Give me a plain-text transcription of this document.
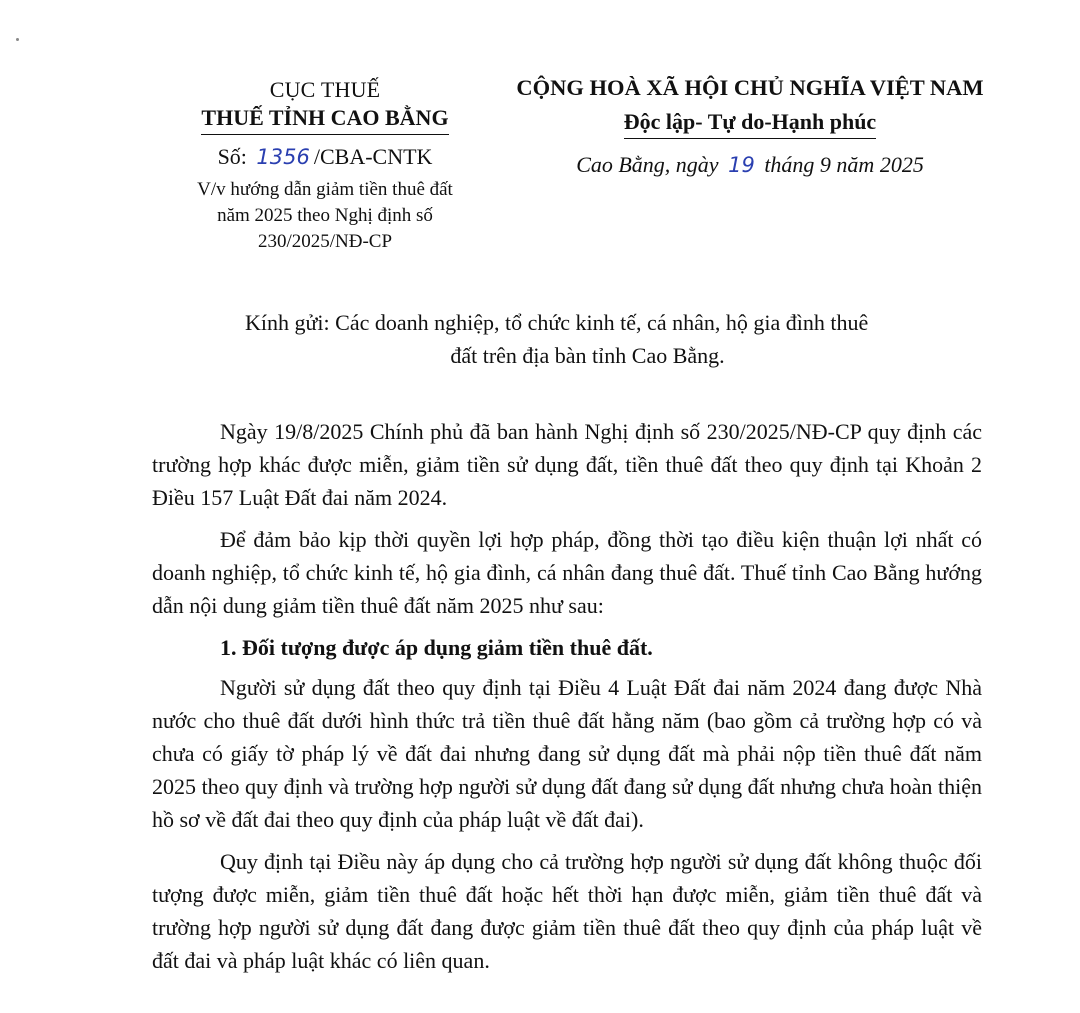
CỤC THUẾ
THUẾ TỈNH CAO BẰNG
Số: 1356 /CBA-CNTK
V/v hướng dẫn giảm tiền thuê đất
năm 2025 theo Nghị định số
230/2025/NĐ-CP
CỘNG HOÀ XÃ HỘI CHỦ NGHĨA VIỆT NAM
Độc lập- Tự do-Hạnh phúc
Cao Bằng, ngày 19 tháng 9 năm 2025
Kính gửi: Các doanh nghiệp, tổ chức kinh tế, cá nhân, hộ gia đình thuê
đất trên địa bàn tỉnh Cao Bằng.

Ngày 19/8/2025 Chính phủ đã ban hành Nghị định số 230/2025/NĐ-CP quy định các trường hợp khác được miễn, giảm tiền sử dụng đất, tiền thuê đất theo quy định tại Khoản 2 Điều 157 Luật Đất đai năm 2024.

Để đảm bảo kịp thời quyền lợi hợp pháp, đồng thời tạo điều kiện thuận lợi nhất có doanh nghiệp, tổ chức kinh tế, hộ gia đình, cá nhân đang thuê đất. Thuế tỉnh Cao Bằng hướng dẫn nội dung giảm tiền thuê đất năm 2025 như sau:

1. Đối tượng được áp dụng giảm tiền thuê đất.

Người sử dụng đất theo quy định tại Điều 4 Luật Đất đai năm 2024 đang được Nhà nước cho thuê đất dưới hình thức trả tiền thuê đất hằng năm (bao gồm cả trường hợp có và chưa có giấy tờ pháp lý về đất đai nhưng đang sử dụng đất mà phải nộp tiền thuê đất năm 2025 theo quy định và trường hợp người sử dụng đất đang sử dụng đất nhưng chưa hoàn thiện hồ sơ về đất đai theo quy định của pháp luật về đất đai).

Quy định tại Điều này áp dụng cho cả trường hợp người sử dụng đất không thuộc đối tượng được miễn, giảm tiền thuê đất hoặc hết thời hạn được miễn, giảm tiền thuê đất và trường hợp người sử dụng đất đang được giảm tiền thuê đất theo quy định của pháp luật về đất đai và pháp luật khác có liên quan.
